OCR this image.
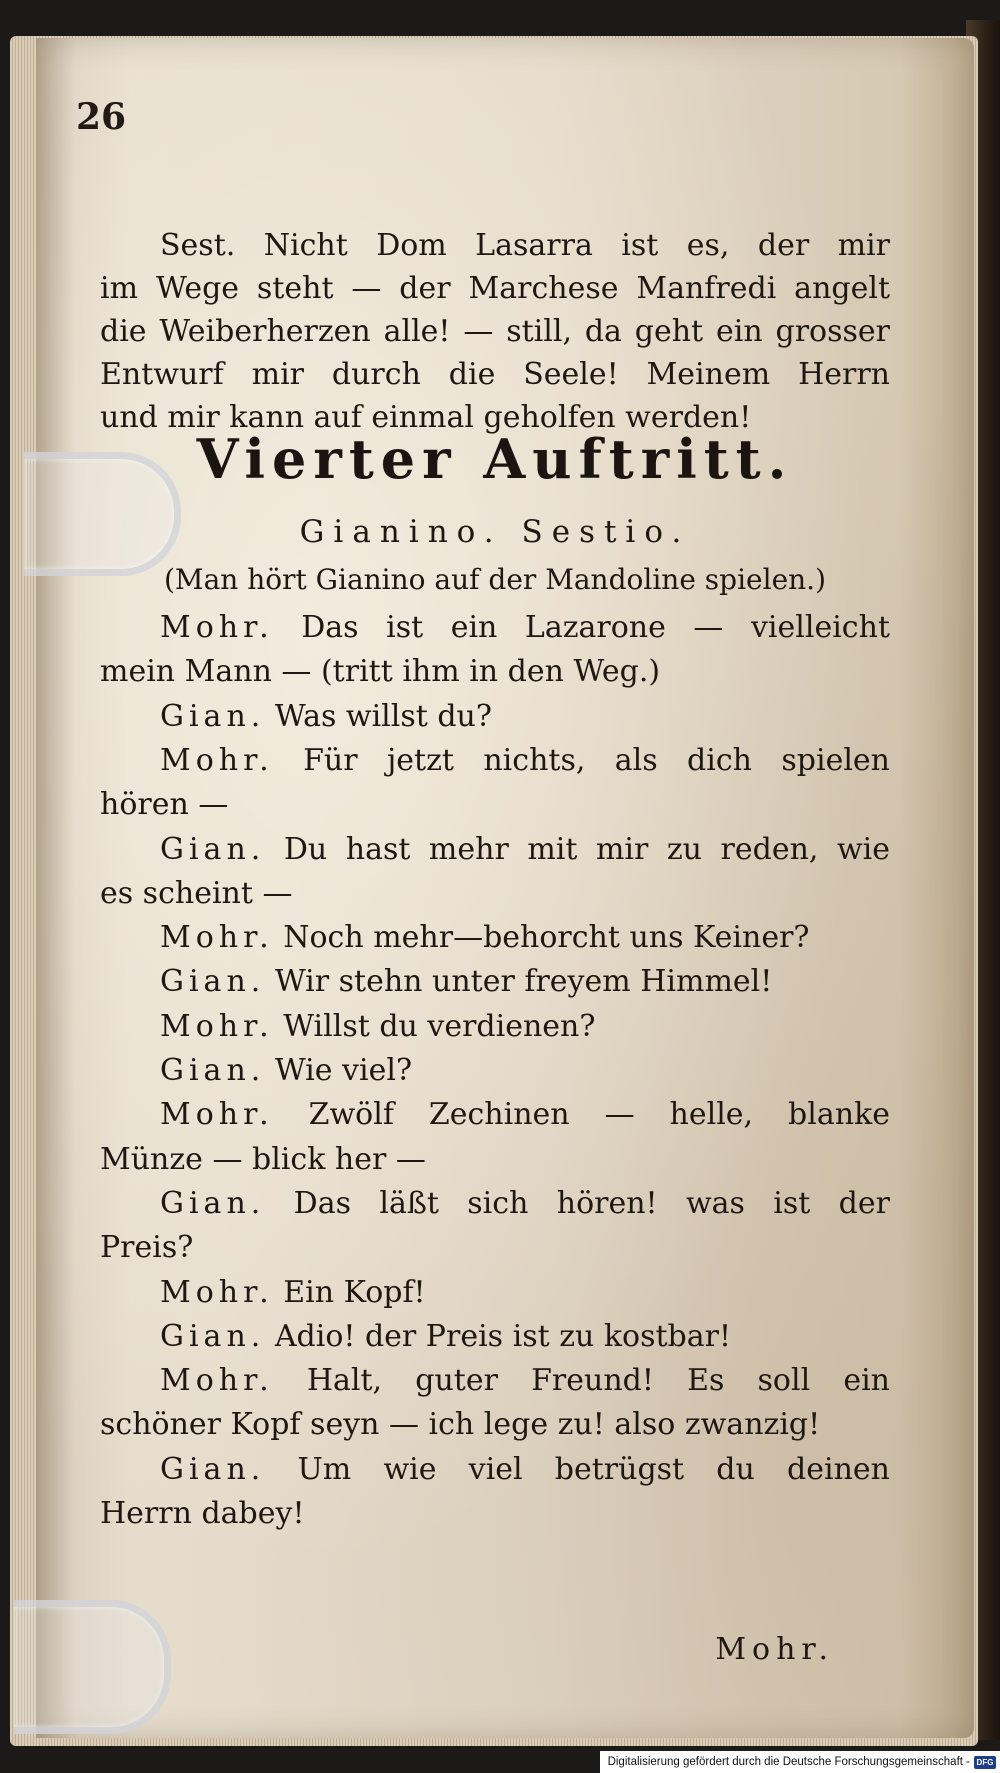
26
Sest. Nicht Dom Lasarra ist es, der mir
im Wege steht — der Marchese Manfredi angelt
die Weiberherzen alle! — still, da geht ein grosser
Entwurf mir durch die Seele! Meinem Herrn
und mir kann auf einmal geholfen werden!
Vierter Auftritt.
Gianino. Sestio.
(Man hört Gianino auf der Mandoline spielen.)
Mohr. Das ist ein Lazarone — vielleicht
mein Mann — (tritt ihm in den Weg.)
Gian. Was willst du?
Mohr. Für jetzt nichts, als dich spielen
hören —
Gian. Du hast mehr mit mir zu reden, wie
es scheint —
Mohr. Noch mehr—behorcht uns Keiner?
Gian. Wir stehn unter freyem Himmel!
Mohr. Willst du verdienen?
Gian. Wie viel?
Mohr. Zwölf Zechinen — helle, blanke
Münze — blick her —
Gian. Das läßt sich hören! was ist der
Preis?
Mohr. Ein Kopf!
Gian. Adio! der Preis ist zu kostbar!
Mohr. Halt, guter Freund! Es soll ein
schöner Kopf seyn — ich lege zu! also zwanzig!
Gian. Um wie viel betrügst du deinen
Herrn dabey!
Mohr.
Digitalisierung gefördert durch die Deutsche Forschungsgemeinschaft - DFG
